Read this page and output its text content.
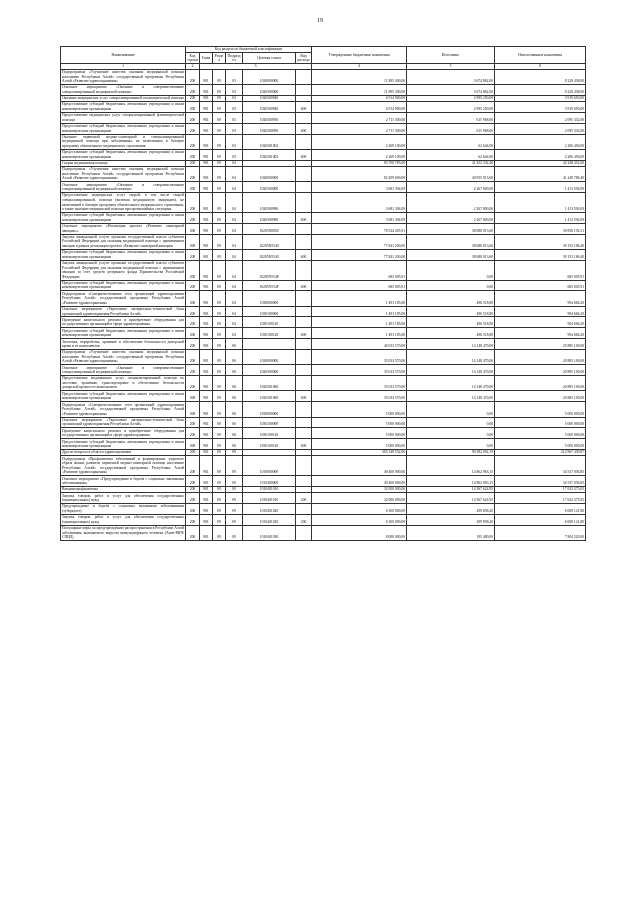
19
Наименование	Код раздела по бюджетной классификации						Утвержденные бюджетные назначения	Исполнено	Неисполненные назначения
	Код строки	Глава	Раздел	Подраздел	Целевая статья	Вид расхода			
1	2	3					4	5	6
Подпрограмма «Улучшение качества оказания медицинской помощи населению Республики Алтай» государственной программы Республики Алтай «Развитие здравоохранения»	200	901	09	03	1020000000		11 895 300,00	3 674 862,00	8 220 438,00
Основное мероприятие «Оказание и совершенствование специализированной медицинской помощи»	200	901	09	03	1020300000		11 895 300,00	3 674 862,00	8 220 438,00
Оказание медицинских услуг специализированной психиатрической помощи	200	901	09	03	1020300940		6 914 900,00	2 995 250,00	3 919 650,00
Предоставление субсидий бюджетным, автономным учреждениям и иным некоммерческим организациям	200	901	09	03	1020300940	600	6 914 900,00	2 995 250,00	3 919 650,00
Предоставление медицинских услуг специализированной фтизиатрической помощи	200	901	09	03	1020300950		2 711 300,00	615 968,00	2 095 332,00
Предоставление субсидий бюджетным, автономным учреждениям и иным некоммерческим организациям	200	901	09	03	1020300950	600	2 711 300,00	615 968,00	2 095 332,00
Оказание первичной медико-санитарной и специализированной медицинской помощи при заболеваниях, не включенных в базовую программу обязательного медицинского страхования	200	901	09	03	1020301002		2 269 100,00	62 644,00	2 206 456,00
Предоставление субсидий бюджетным, автономным учреждениям и иным некоммерческим организациям	200	901	09	03	1020301002	600	2 269 100,00	62 644,00	2 206 456,00
Скорая медицинская помощь	200	901	09	04			83 700 783,00	41 452 332,40	42 248 452,60
Подпрограмма «Улучшение качества оказания медицинской помощи населению Республики Алтай» государственной программы Республики Алтай «Развитие здравоохранения»	200	901	09	04	1020000000		82 209 600,00	40 955 913,60	41 249 786,40
Основное мероприятие «Оказание и совершенствование специализированной медицинской помощи»	200	901	09	04	1020300000		3 681 394,09	2 267 800,00	1 413 594,09
Предоставление медицинских услуг скорой, в том числе скорой специализированной, помощи (включая медицинскую эвакуацию), не включенной в базовую программу обязательного медицинского страхования, а также оказание медицинской помощи при чрезвычайных ситуациях	200	901	09	04	1020300990		3 681 394,09	2 267 800,00	1 413 594,09
Предоставление субсидий бюджетным, автономным учреждениям и иным некоммерческим организациям	200	901	09	04	1020300990	600	3 681 394,09	2 267 800,00	1 413 594,09
Основное мероприятие «Реализация проекта «Развитие санитарной авиации»»	200	901	09	04	10205N0000		78 524 205,91	38 688 013,60	39 836 192,31
Закупка авиационной услуги органами государственной власти субъектов Российской Федерации для оказания медицинской помощи с применением авиации в рамках реализации проекта «Развитие санитарной авиации»	200	901	09	04	10205N5540		77 841 200,00	38 688 013,60	39 153 186,40
Предоставление субсидий бюджетным, автономным учреждениям и иным некоммерческим организациям	200	901	09	04	10205N5540	600	77 841 200,00	38 688 013,60	39 153 186,40
Закупка авиационной услуги органами государственной власти субъектов Российской Федерации для оказания медицинской помощи с применением авиации за счет средств резервного фонда Правительства Российской Федерации	200	901	09	04	10205N554F		683 005,91	0,00	683 005,91
Предоставление субсидий бюджетным, автономным учреждениям и иным некоммерческим организациям	200	901	09	04	10205N554F	600	683 005,91	0,00	683 005,91
Подпрограмма «Совершенствование сети организаций здравоохранения Республики Алтай» государственной программы Республики Алтай «Развитие здравоохранения»	200	901	09	04	1030000000		1 491 185,00	496 518,80	994 666,20
Основное мероприятие «Укрепление материально-технической базы организаций здравоохранения Республики Алтай»	200	901	09	04	1030100000		1 491 185,00	496 518,80	994 666,20
Проведение капитального ремонта и приобретение оборудования для государственных организаций в сфере здравоохранения	200	901	09	04	1030100120		1 491 185,00	496 518,80	994 666,20
Предоставление субсидий бюджетным, автономным учреждениям и иным некоммерческим организациям	200	901	09	04	1030100120	600	1 491 185,00	496 518,80	994 666,20
Заготовка, переработка, хранение и обеспечение безопасности донорской крови и ее компонентов	200	901	09	06			40 033 570,00	14 148 470,00	25 885 100,00
Подпрограмма «Улучшение качества оказания медицинской помощи населению Республики Алтай» государственной программы Республики Алтай «Развитие здравоохранения»	200	901	09	06	1020000000		35 033 570,00	14 148 470,00	20 885 100,00
Основное мероприятие «Оказание и совершенствование специализированной медицинской помощи»	200	901	09	06	1020300000		35 033 570,00	14 148 470,00	20 885 100,00
Предоставление медицинских услуг специализированной помощи по заготовке, хранению, транспортировке и обеспечению безопасности донорской крови и ее компонентов	200	901	09	06	1020301060		35 033 570,00	14 148 470,00	20 885 100,00
Предоставление субсидий бюджетным, автономным учреждениям и иным некоммерческим организациям	200	901	09	06	1020301060	600	35 033 570,00	14 148 470,00	20 885 100,00
Подпрограмма «Совершенствование сети организаций здравоохранения Республики Алтай» государственной программы Республики Алтай «Развитие здравоохранения»	200	901	09	06	1030000000		5 000 000,00	0,00	5 000 000,00
Основное мероприятие «Укрепление материально-технической базы организаций здравоохранения Республики Алтай»	200	901	09	06	1030100000		5 000 000,00	0,00	5 000 000,00
Проведение капитального ремонта и приобретение оборудования для государственных организаций в сфере здравоохранения	200	901	09	06	1030100120		5 000 000,00	0,00	5 000 000,00
Предоставление субсидий бюджетным, автономным учреждениям и иным некоммерческим организациям	200	901	09	06	1030100120	600	5 000 000,00	0,00	5 000 000,00
Другие вопросы в области здравоохранения	200	901	09	09			305 349 532,06	90 382 092,19	214 967 439,87
Подпрограмма «Профилактика заболеваний и формирование здорового образа жизни, развитие первичной медико-санитарной помощи населению Республики Алтай» государственной программы Республики Алтай «Развитие здравоохранения»	200	901	09	09	1010000000		49 400 000,00	14 862 963,15	34 537 036,85
Основное мероприятие «Предупреждение и борьба с социально значимыми заболеваниями»	200	901	09	09	1010400000		49 400 000,00	14 862 963,15	34 537 036,85
Вакцинопрофилактика	200	901	09	09	1010401010		32 000 000,00	14 367 624,95	17 632 375,05
Закупка товаров, работ и услуг для обеспечения государственных (муниципальных) нужд	200	901	09	09	1010401010	200	32 000 000,00	14 367 624,95	17 632 375,05
Предупреждение и борьба с социально значимыми заболеваниями (туберкулез)	200	901	09	09	1010401020		6 300 000,00	299 858,20	6 000 141,80
Закупка товаров, работ и услуг для обеспечения государственных (муниципальных) нужд	200	901	09	09	1010401020	200	6 300 000,00	299 858,20	6 000 141,80
Популярные меры по предупреждению распространения в Республике Алтай заболевания, вызываемого вирусом иммунодефицита человека (Анти-ВИЧ/СПИД)	200	901	09	09	1010401030		8 000 000,00	195 480,00	7 804 520,00
